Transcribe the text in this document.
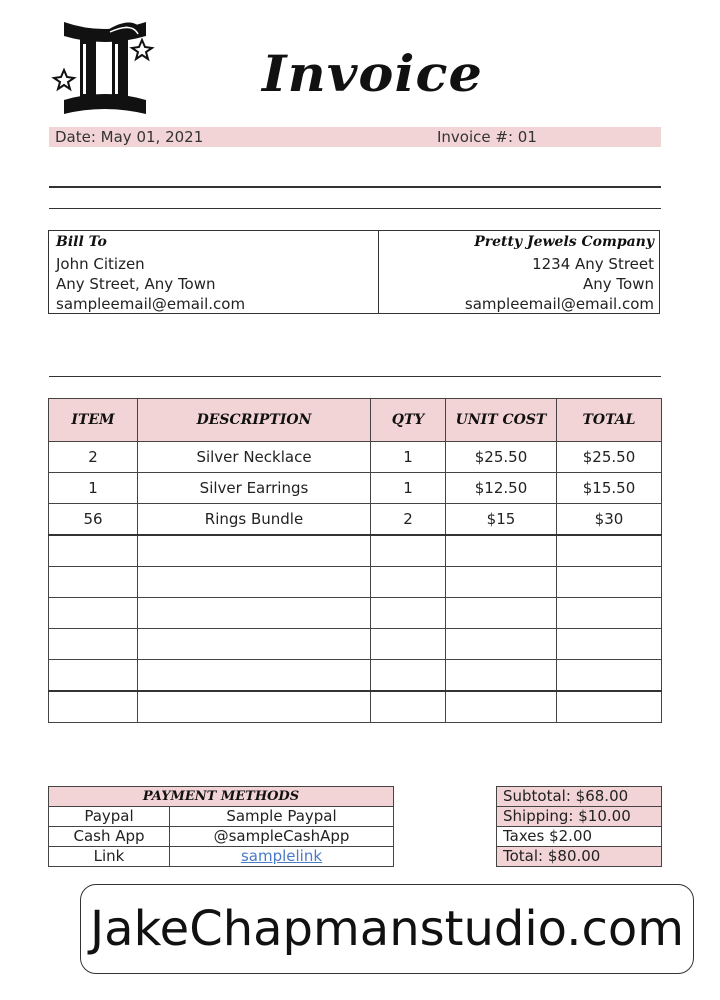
Invoice
Date: May 01, 2021	Invoice #: 01
Bill To
John Citizen
Any Street, Any Town
sampleemail@email.com
Pretty Jewels Company
1234 Any Street
Any Town
sampleemail@email.com
ITEM	DESCRIPTION	QTY	UNIT COST	TOTAL
2	Silver Necklace	1	$25.50	$25.50
1	Silver Earrings	1	$12.50	$15.50
56	Rings Bundle	2	$15	$30

PAYMENT METHODS	
Paypal	Sample Paypal
Cash App	@sampleCashApp
Link	samplelink
Subtotal: $68.00
Shipping: $10.00
Taxes $2.00
Total: $80.00
JakeChapmanstudio.com
